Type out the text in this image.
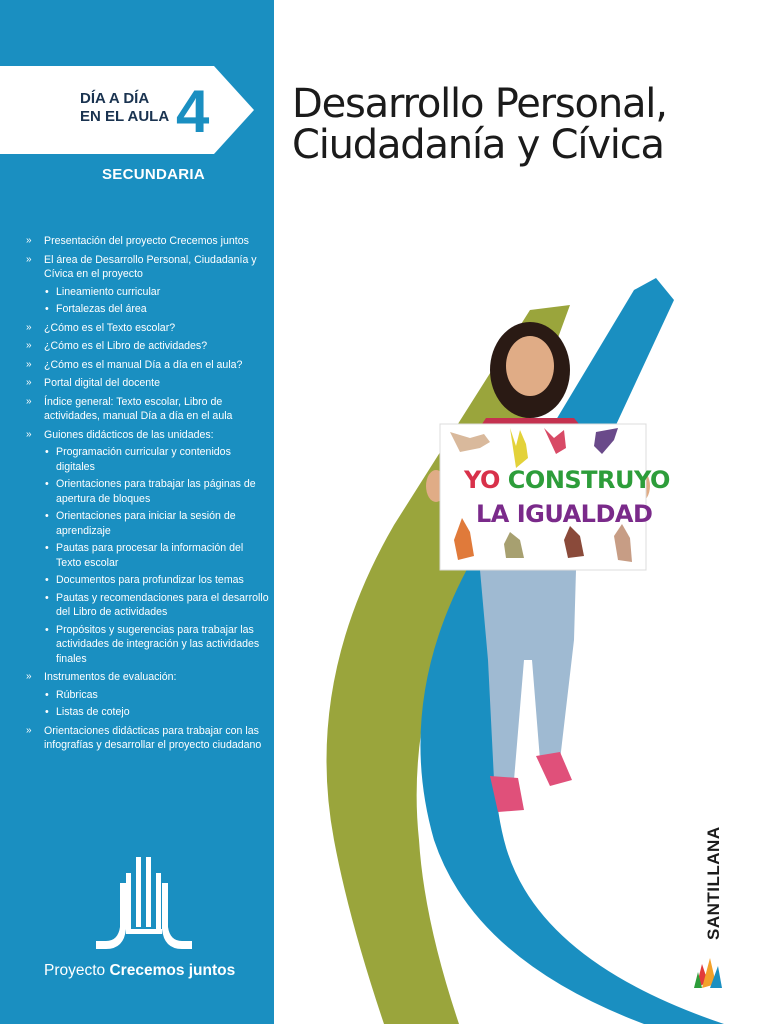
DÍA A DÍA
EN EL AULA 4
SECUNDARIA
» Presentación del proyecto Crecemos juntos
» El área de Desarrollo Personal, Ciudadanía y Cívica en el proyecto
• Lineamiento curricular
• Fortalezas del área
» ¿Cómo es el Texto escolar?
» ¿Cómo es el Libro de actividades?
» ¿Cómo es el manual Día a día en el aula?
» Portal digital del docente
» Índice general: Texto escolar, Libro de actividades, manual Día a día en el aula
» Guiones didácticos de las unidades:
• Programación curricular y contenidos digitales
• Orientaciones para trabajar las páginas de apertura de bloques
• Orientaciones para iniciar la sesión de aprendizaje
• Pautas para procesar la información del Texto escolar
• Documentos para profundizar los temas
• Pautas y recomendaciones para el desarrollo del Libro de actividades
• Propósitos y sugerencias para trabajar las actividades de integración y las actividades finales
» Instrumentos de evaluación:
• Rúbricas
• Listas de cotejo
» Orientaciones didácticas para trabajar con las infografías y desarrollar el proyecto ciudadano
Proyecto Crecemos juntos
YO CONSTRUYO
LA IGUALDAD
Desarrollo Personal,
Ciudadanía y Cívica
SANTILLANA
